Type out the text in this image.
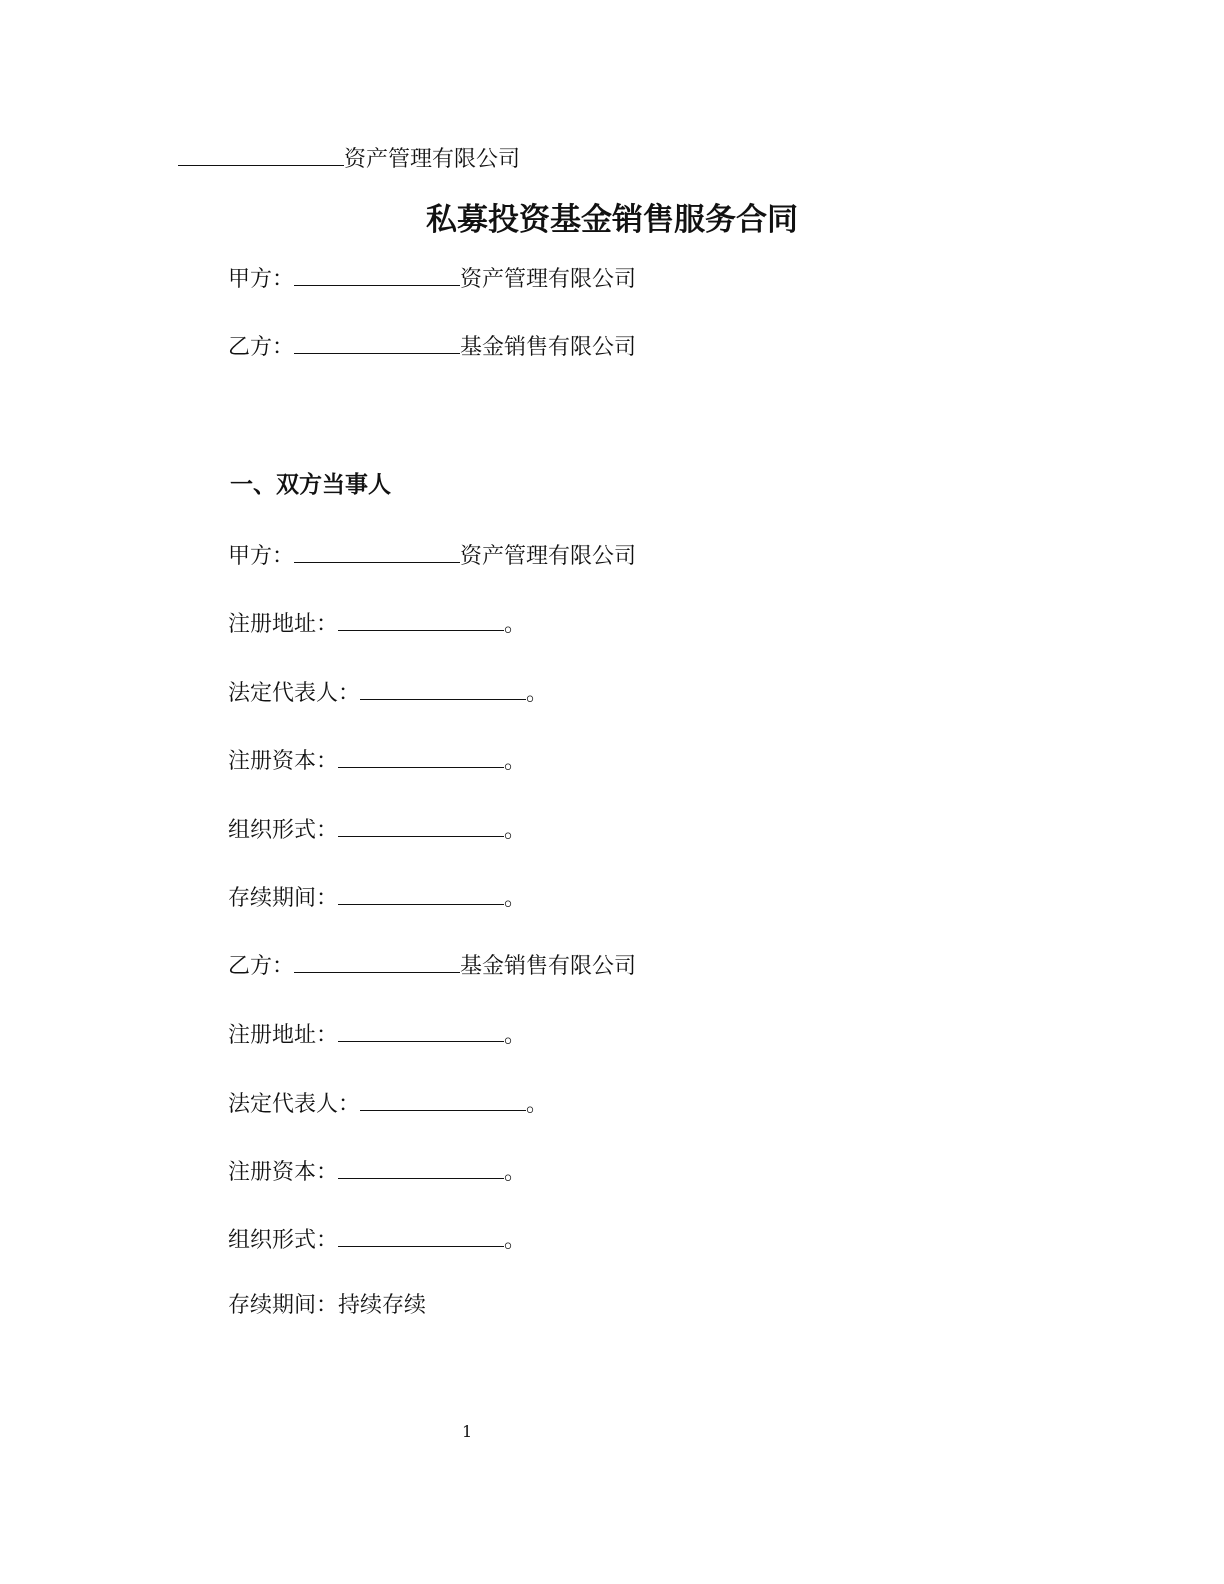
资产管理有限公司
私募投资基金销售服务合同
甲方：	资产管理有限公司
乙方：	基金销售有限公司
一、双方当事人
甲方：	资产管理有限公司
注册地址：	。
法定代表人：	。
注册资本：	。
组织形式：	。
存续期间：	。
乙方：	基金销售有限公司
注册地址：	。
法定代表人：	。
注册资本：	。
组织形式：	。
存续期间：持续存续
1
